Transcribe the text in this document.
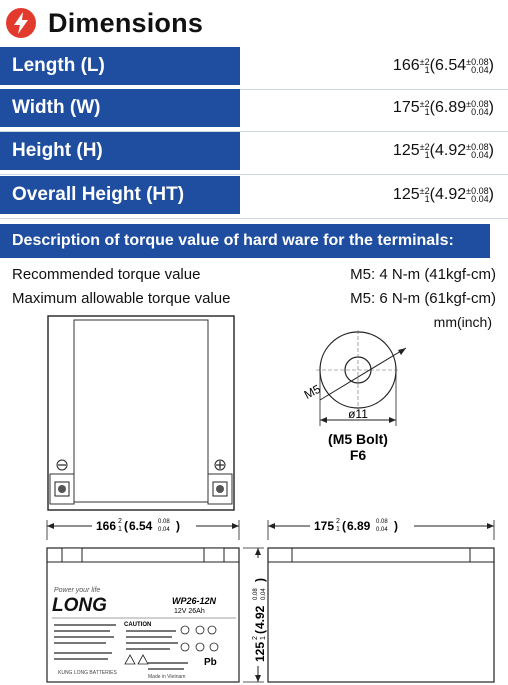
Dimensions
Length (L)	166 ±2
1 (6.54 ±0.08
0.04 )
Width (W)	175 ±2
1 (6.89 ±0.08
0.04 )
Height (H)	125 ±2
1 (4.92 ±0.08
0.04 )
Overall Height (HT)	125 ±2
1 (4.92 ±0.08
0.04 )
Description of torque value of hard ware for the terminals:
Recommended torque value	M5: 4 N-m (41kgf-cm)
Maximum allowable torque value	M5: 6 N-m (61kgf-cm)
mm(inch)
M5
ø11
(M5 Bolt)
F6
166 2
1 ( 6.54 0.08
0.04 )
Power your life
LONG	WP26-12N
12V 26Ah
CAUTION
Pb
KUNG LONG BATTERIES
Made in Vietnam
125
2 1
(
4.92
0.08 0.04
)
175 2
1 ( 6.89 0.08
0.04 )
